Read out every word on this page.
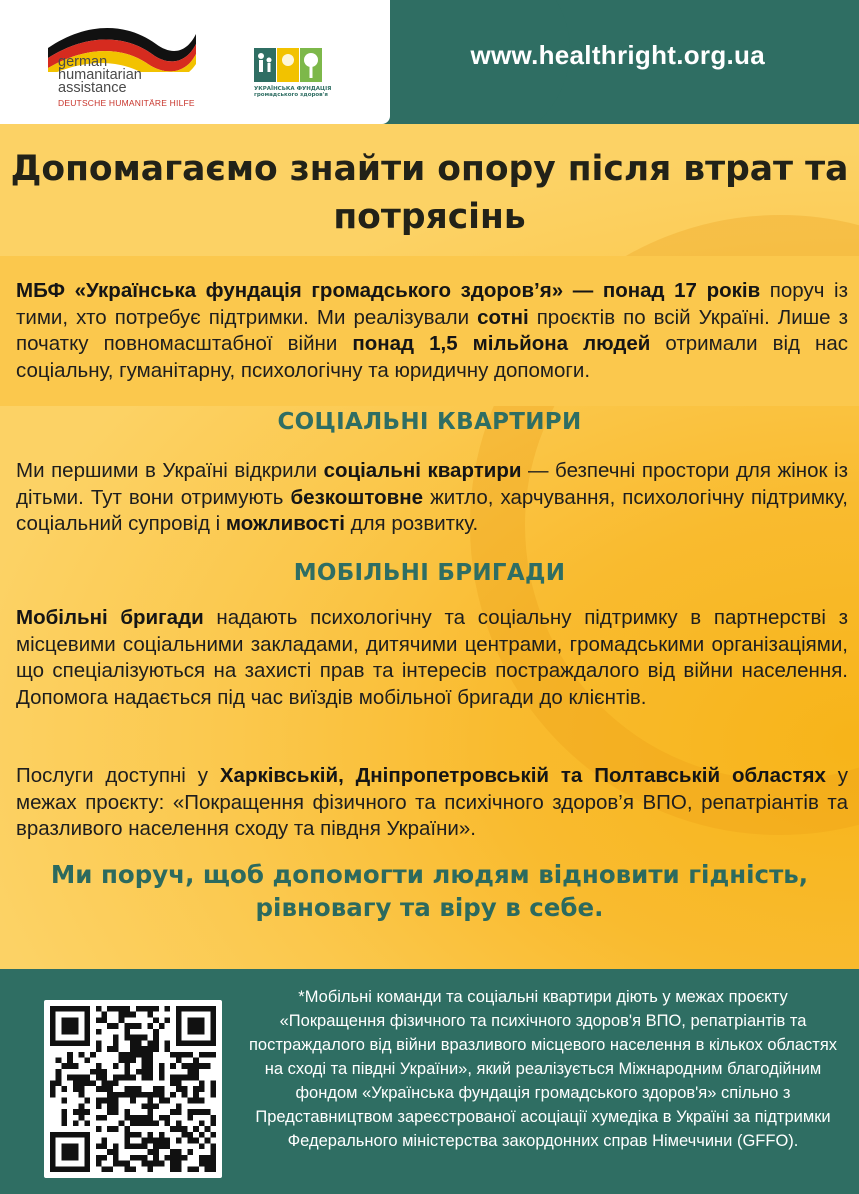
german
humanitarian
assistance
DEUTSCHE HUMANITÄRE HILFE
УКРАЇНСЬКА ФУНДАЦІЯ громадського здоров'я
www.healthright.org.ua
Допомагаємо знайти опору після втрат та потрясінь

МБФ «Українська фундація громадського здоров’я» — понад 17 років поруч із тими, хто потребує підтримки. Ми реалізували сотні проєктів по всій Україні. Лише з початку повномасштабної війни понад 1,5 мільйона людей отримали від нас соціальну, гуманітарну, психологічну та юридичну допомоги.

СОЦІАЛЬНІ КВАРТИРИ

Ми першими в Україні відкрили соціальні квартири — безпечні простори для жінок із дітьми. Тут вони отримують безкоштовне житло, харчування, психологічну підтримку, соціальний супровід і можливості для розвитку.

МОБІЛЬНІ БРИГАДИ

Мобільні бригади надають психологічну та соціальну підтримку в партнерстві з місцевими соціальними закладами, дитячими центрами, громадськими організаціями, що спеціалізуються на захисті прав та інтересів постраждалого від війни населення. Допомога надається під час виїздів мобільної бригади до клієнтів.

Послуги доступні у Харківській, Дніпропетровській та Полтавській областях у межах проєкту: «Покращення фізичного та психічного здоров’я ВПО, репатріантів та вразливого населення сходу та півдня України».

Ми поруч, щоб допомогти людям відновити гідність, рівновагу та віру в себе.

*Мобільні команди та соціальні квартири діють у межах проєкту «Покращення фізичного та психічного здоров'я ВПО, репатріантів та постраждалого від війни вразливого місцевого населення в кількох областях на сході та півдні України», який реалізується Міжнародним благодійним фондом «Українська фундація громадського здоров'я» спільно з Представництвом зареєстрованої асоціації хумедіка в Україні за підтримки Федерального міністерства закордонних справ Німеччини (GFFO).
